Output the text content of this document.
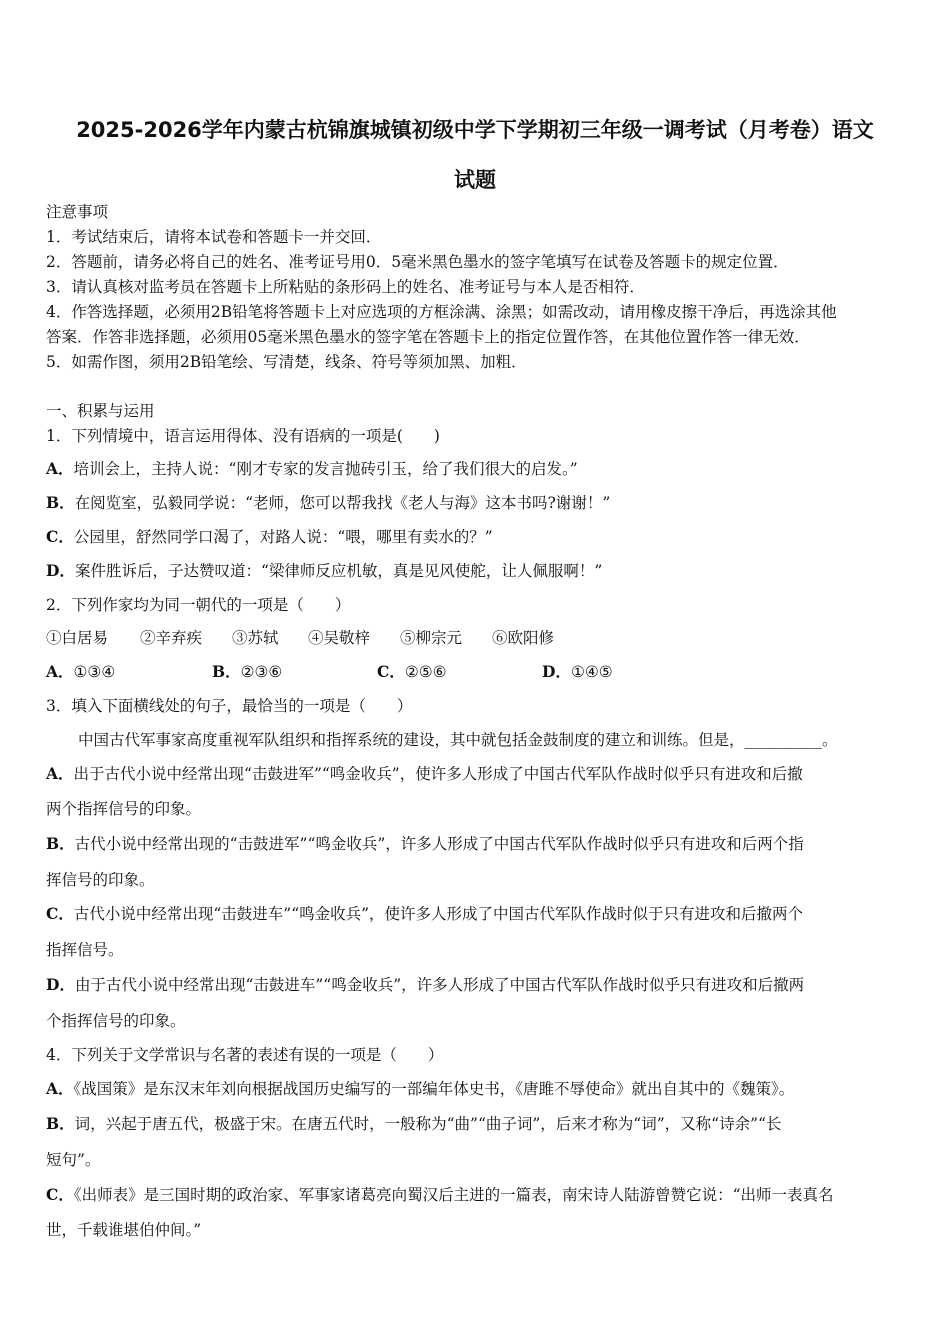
2025-2026学年内蒙古杭锦旗城镇初级中学下学期初三年级一调考试（月考卷）语文
试题
注意事项
1．考试结束后，请将本试卷和答题卡一并交回．
2．答题前，请务必将自己的姓名、准考证号用0．5毫米黑色墨水的签字笔填写在试卷及答题卡的规定位置．
3．请认真核对监考员在答题卡上所粘贴的条形码上的姓名、准考证号与本人是否相符．
4．作答选择题，必须用2B铅笔将答题卡上对应选项的方框涂满、涂黑；如需改动，请用橡皮擦干净后，再选涂其他
答案．作答非选择题，必须用05毫米黑色墨水的签字笔在答题卡上的指定位置作答，在其他位置作答一律无效．
5．如需作图，须用2B铅笔绘、写清楚，线条、符号等须加黑、加粗．
一、积累与运用
1．下列情境中，语言运用得体、没有语病的一项是(　　)
A．培训会上，主持人说：“刚才专家的发言抛砖引玉，给了我们很大的启发。”
B．在阅览室，弘毅同学说：“老师，您可以帮我找《老人与海》这本书吗?谢谢！”
C．公园里，舒然同学口渴了，对路人说：“喂，哪里有卖水的？”
D．案件胜诉后，子达赞叹道：“梁律师反应机敏，真是见风使舵，让人佩服啊！”
2．下列作家均为同一朝代的一项是（　　）
①白居易 ②辛弃疾 ③苏轼 ④吴敬梓 ⑤柳宗元 ⑥欧阳修
A．①③④	B．②③⑥	C．②⑤⑥	D．①④⑤
3．填入下面横线处的句子，最恰当的一项是（　　）
中国古代军事家高度重视军队组织和指挥系统的建设，其中就包括金鼓制度的建立和训练。但是，__________。
A．出于古代小说中经常出现“击鼓进军”“鸣金收兵”，使许多人形成了中国古代军队作战时似乎只有进攻和后撤
两个指挥信号的印象。
B．古代小说中经常出现的“击鼓进军”“鸣金收兵”，许多人形成了中国古代军队作战时似乎只有进攻和后两个指
挥信号的印象。
C．古代小说中经常出现“击鼓进车”“鸣金收兵”，使许多人形成了中国古代军队作战时似于只有进攻和后撤两个
指挥信号。
D．由于古代小说中经常出现“击鼓进车”“鸣金收兵”，许多人形成了中国古代军队作战时似乎只有进攻和后撤两
个指挥信号的印象。
4．下列关于文学常识与名著的表述有误的一项是（　　）
A．《战国策》是东汉末年刘向根据战国历史编写的一部编年体史书，《唐雎不辱使命》就出自其中的《魏策》。
B．词，兴起于唐五代，极盛于宋。在唐五代时，一般称为“曲”“曲子词”，后来才称为“词”，又称“诗余”“长
短句”。
C．《出师表》是三国时期的政治家、军事家诸葛亮向蜀汉后主进的一篇表，南宋诗人陆游曾赞它说：“出师一表真名
世，千载谁堪伯仲间。”
